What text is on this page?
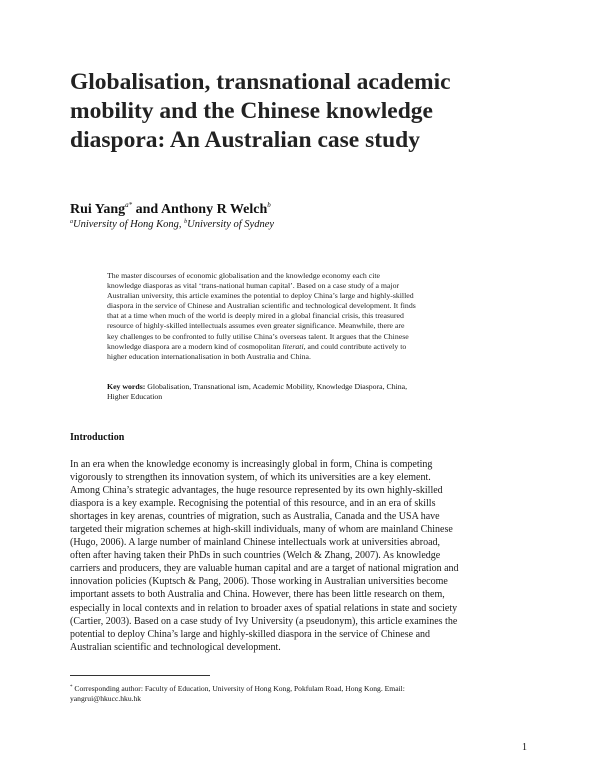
Globalisation, transnational academic
mobility and the Chinese knowledge
diaspora: An Australian case study
Rui Yang$^{a*}$ and Anthony R Welch$^b$
$^a$University of Hong Kong, $^b$University of Sydney
The master discourses of economic globalisation and the knowledge economy each cite
knowledge diasporas as vital ‘trans-national human capital’. Based on a case study of a major
Australian university, this article examines the potential to deploy China’s large and highly-skilled
diaspora in the service of Chinese and Australian scientific and technological development. It finds
that at a time when much of the world is deeply mired in a global financial crisis, this treasured
resource of highly-skilled intellectuals assumes even greater significance. Meanwhile, there are
key challenges to be confronted to fully utilise China’s overseas talent. It argues that the Chinese
knowledge diaspora are a modern kind of cosmopolitan literati, and could contribute actively to
higher education internationalisation in both Australia and China.
Key words: Globalisation, Transnational ism, Academic Mobility, Knowledge Diaspora, China,
Higher Education
Introduction
In an era when the knowledge economy is increasingly global in form, China is competing
vigorously to strengthen its innovation system, of which its universities are a key element.
Among China’s strategic advantages, the huge resource represented by its own highly-skilled
diaspora is a key example. Recognising the potential of this resource, and in an era of skills
shortages in key arenas, countries of migration, such as Australia, Canada and the USA have
targeted their migration schemes at high-skill individuals, many of whom are mainland Chinese
(Hugo, 2006). A large number of mainland Chinese intellectuals work at universities abroad,
often after having taken their PhDs in such countries (Welch & Zhang, 2007). As knowledge
carriers and producers, they are valuable human capital and are a target of national migration and
innovation policies (Kuptsch & Pang, 2006). Those working in Australian universities become
important assets to both Australia and China. However, there has been little research on them,
especially in local contexts and in relation to broader axes of spatial relations in state and society
(Cartier, 2003). Based on a case study of Ivy University (a pseudonym), this article examines the
potential to deploy China’s large and highly-skilled diaspora in the service of Chinese and
Australian scientific and technological development.
* Corresponding author: Faculty of Education, University of Hong Kong, Pokfulam Road, Hong Kong. Email:
yangrui@hkucc.hku.hk
1
